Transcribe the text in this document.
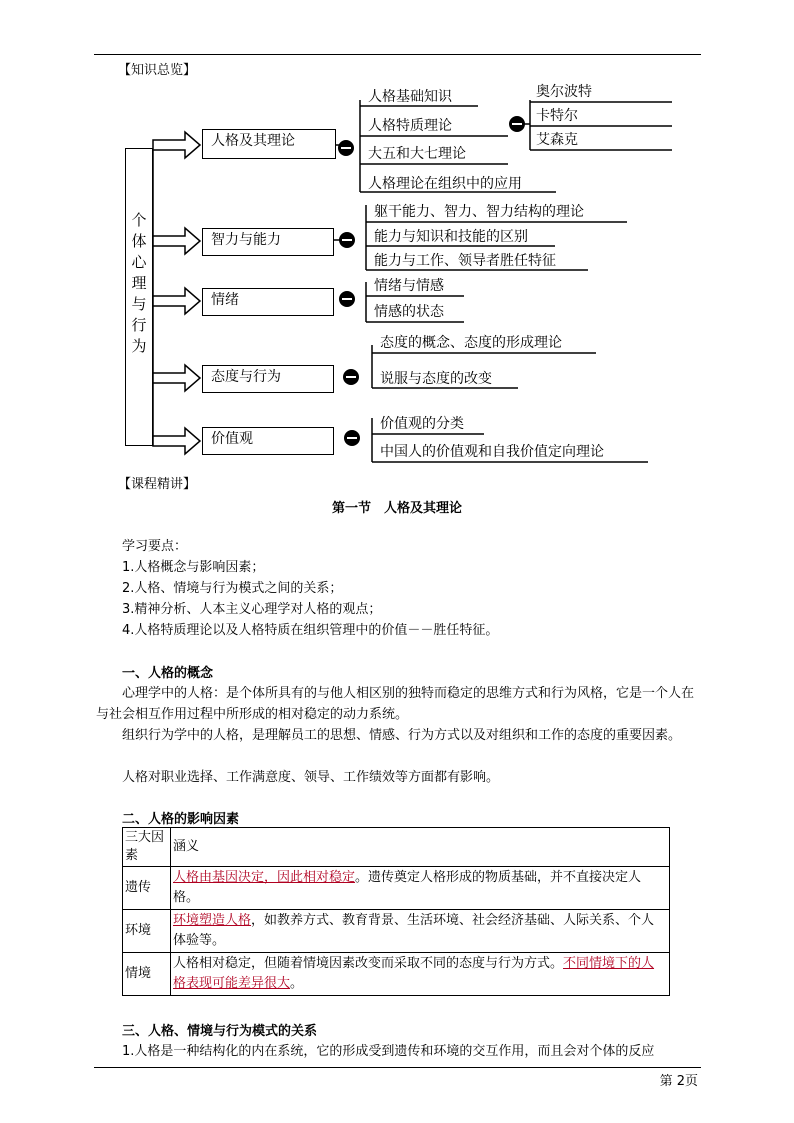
【知识总览】
个体心理与行为
人格及其理论
智力与能力
情绪
态度与行为
价值观
人格基础知识
人格特质理论
大五和大七理论
人格理论在组织中的应用
奥尔波特
卡特尔
艾森克
躯干能力、智力、智力结构的理论
能力与知识和技能的区别
能力与工作、领导者胜任特征
情绪与情感
情感的状态
态度的概念、态度的形成理论
说服与态度的改变
价值观的分类
中国人的价值观和自我价值定向理论
【课程精讲】
第一节　人格及其理论
学习要点：
1.人格概念与影响因素；
2.人格、情境与行为模式之间的关系；
3.精神分析、人本主义心理学对人格的观点；
4.人格特质理论以及人格特质在组织管理中的价值－－胜任特征。
一、人格的概念
心理学中的人格：是个体所具有的与他人相区别的独特而稳定的思维方式和行为风格，它是一个人在与社会相互作用过程中所形成的相对稳定的动力系统。
组织行为学中的人格，是理解员工的思想、情感、行为方式以及对组织和工作的态度的重要因素。
人格对职业选择、工作满意度、领导、工作绩效等方面都有影响。
二、人格的影响因素
三大因素	涵义
遗传	人格由基因决定，因此相对稳定。遗传奠定人格形成的物质基础，并不直接决定人格。
环境	环境塑造人格，如教养方式、教育背景、生活环境、社会经济基础、人际关系、个人体验等。
情境	人格相对稳定，但随着情境因素改变而采取不同的态度与行为方式。不同情境下的人格表现可能差异很大。
三、人格、情境与行为模式的关系
1.人格是一种结构化的内在系统，它的形成受到遗传和环境的交互作用，而且会对个体的反应
第 2页
